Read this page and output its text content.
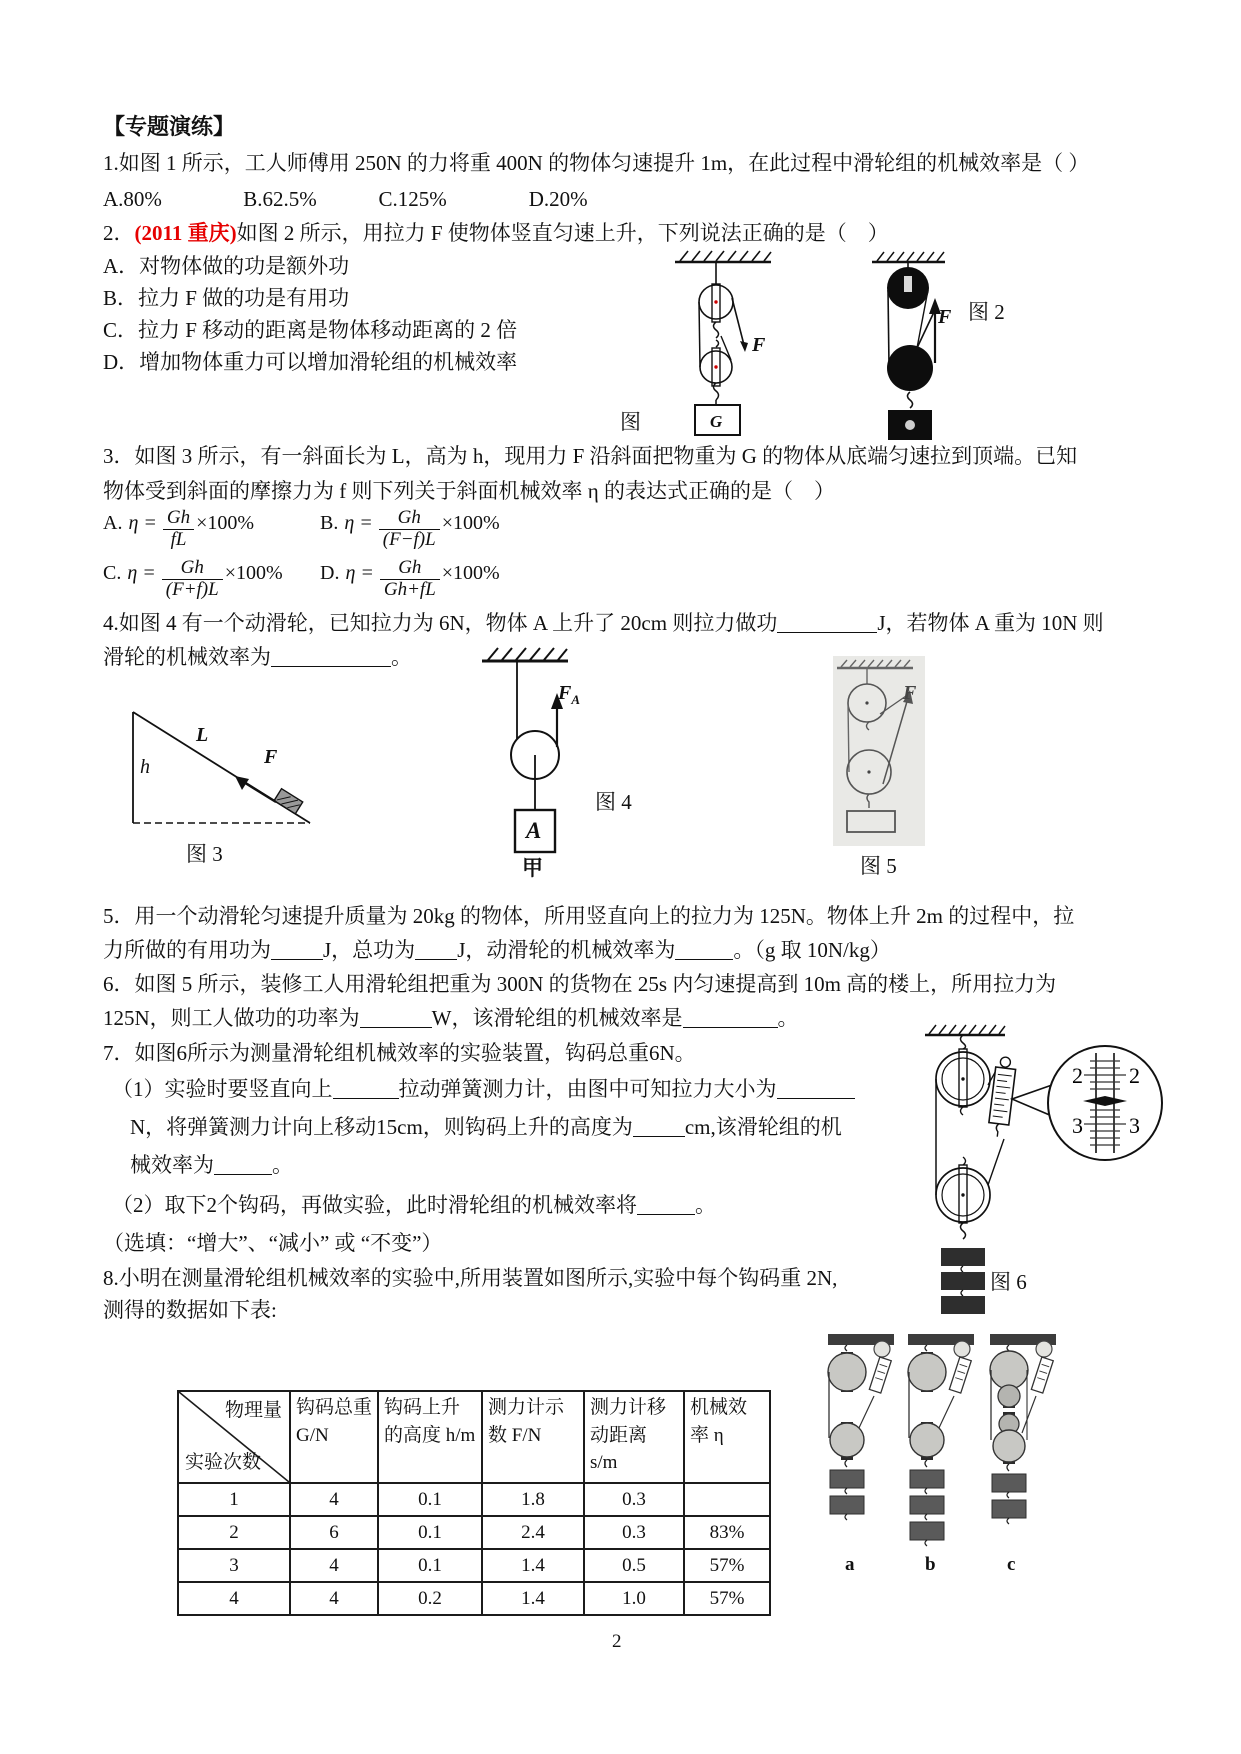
【专题演练】
1.如图 1 所示，工人师傅用 250N 的力将重 400N 的物体匀速提升 1m，在此过程中滑轮组的机械效率是（ ）
A.80%	B.62.5%	C.125%	D.20%
2．(2011 重庆)如图 2 所示，用拉力 F 使物体竖直匀速上升，下列说法正确的是（　）
A．对物体做的功是额外功
B．拉力 F 做的功是有用功
C．拉力 F 移动的距离是物体移动距离的 2 倍
D．增加物体重力可以增加滑轮组的机械效率
F
G
图
F 图 2
3．如图 3 所示，有一斜面长为 L，高为 h，现用力 F 沿斜面把物重为 G 的物体从底端匀速拉到顶端。已知
物体受到斜面的摩擦力为 f 则下列关于斜面机械效率 η 的表达式正确的是（　）
A. $\eta = \frac{Gh}{fL} \times 100\%$	B. $\eta = \frac{Gh}{(F-f)L} \times 100\%$
C. $\eta = \frac{Gh}{(F+f)L} \times 100\%$ D. $\eta = \frac{Gh}{Gh+fL} \times 100\%$
4.如图 4 有一个动滑轮，已知拉力为 6N，物体 A 上升了 20cm 则拉力做功	J，若物体 A 重为 10N 则
滑轮的机械效率为	。
h
L
F
图 3
$F_A$
A
甲
图 4
F
图 5
5．用一个动滑轮匀速提升质量为 20kg 的物体，所用竖直向上的拉力为 125N。物体上升 2m 的过程中，拉
力所做的有用功为 J，总功为 J，动滑轮的机械效率为	。（g 取 10N/kg）
6．如图 5 所示，装修工人用滑轮组把重为 300N 的货物在 25s 内匀速提高到 10m 高的楼上，所用拉力为
125N，则工人做功的功率为	W，该滑轮组的机械效率是	。
7．如图6所示为测量滑轮组机械效率的实验装置，钩码总重6N。
（1）实验时要竖直向上	拉动弹簧测力计，由图中可知拉力大小为
N，将弹簧测力计向上移动15cm，则钩码上升的高度为 cm,该滑轮组的机
械效率为	。
（2）取下2个钩码，再做实验，此时滑轮组的机械效率将	。
（选填：“增大”、“减小” 或 “不变”）
8.小明在测量滑轮组机械效率的实验中,所用装置如图所示,实验中每个钩码重 2N,
测得的数据如下表:
2 2
3 3
图 6
物理量
实验次数	钩码总重 G/N	钩码上升的高度 h/m	测力计示数 F/N	测力计移动距离 s/m	机械效率 η
1	4	0.1	1.8	0.3	
2	6	0.1	2.4	0.3	83%
3	4	0.1	1.4	0.5	57%
4	4	0.2	1.4	1.0	57%
a	b	c
2
